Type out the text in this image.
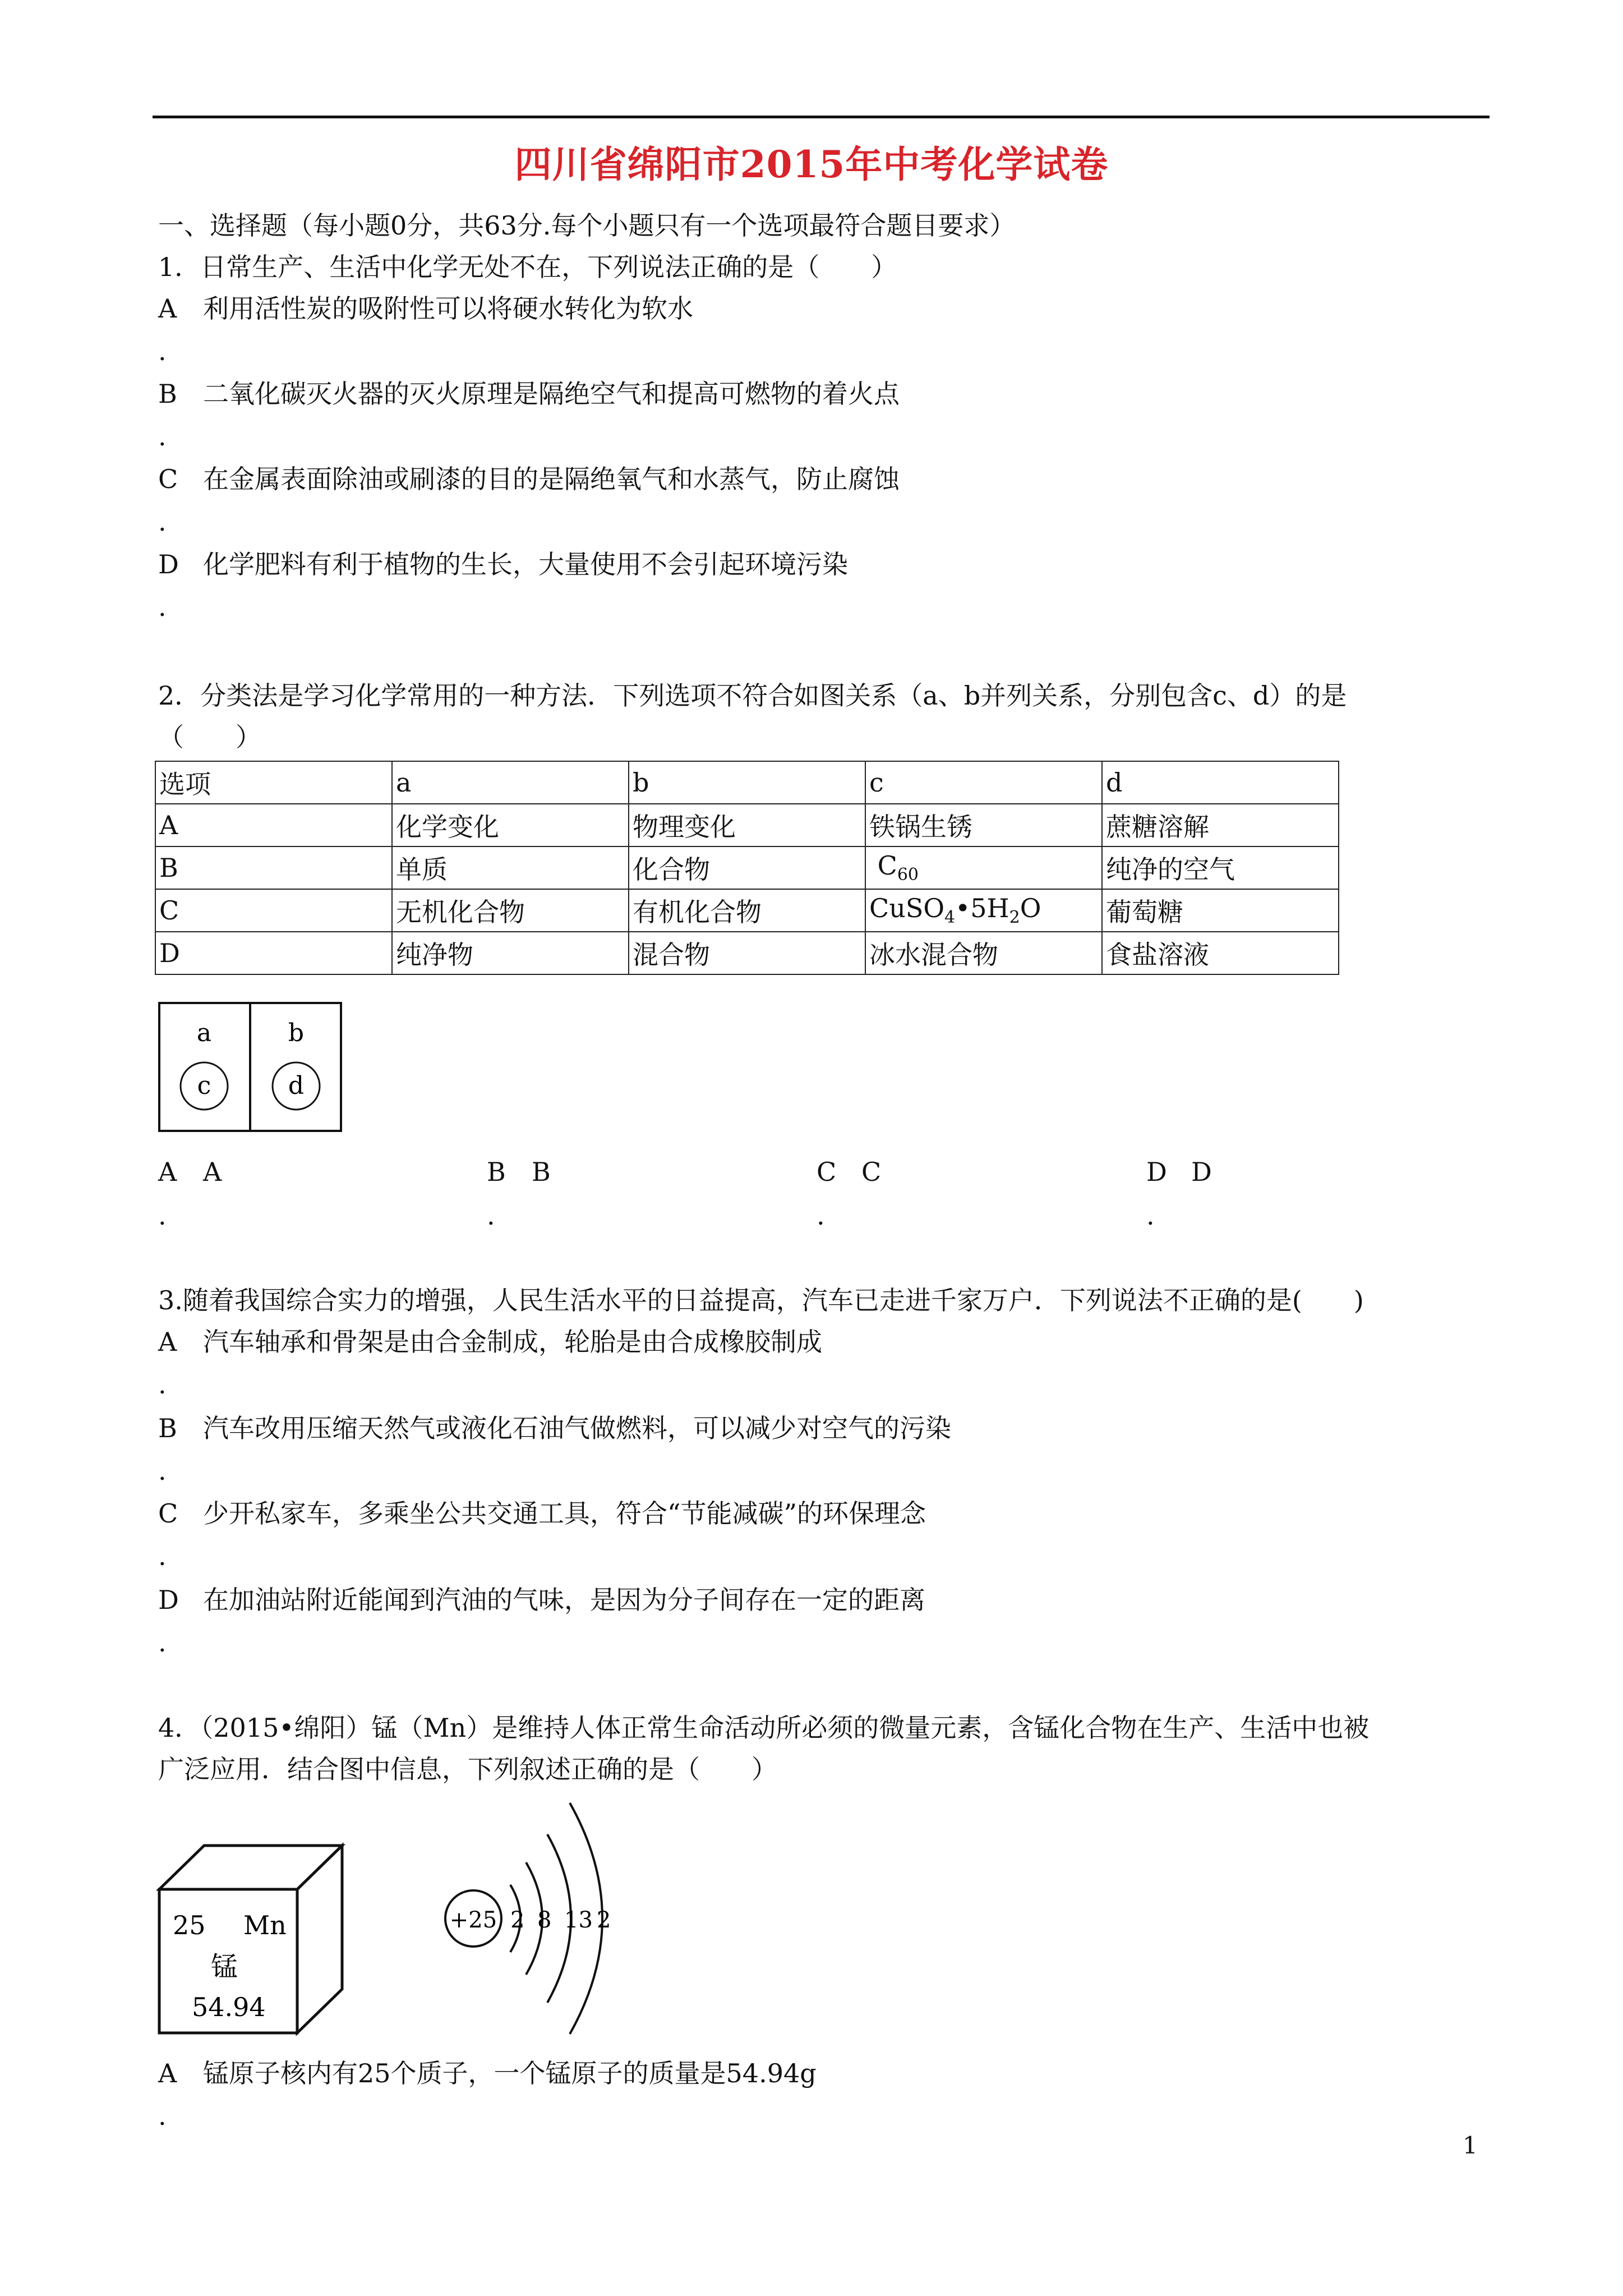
四川省绵阳市2015年中考化学试卷
一、选择题（每小题0分，共63分.每个小题只有一个选项最符合题目要求）
1．日常生产、生活中化学无处不在，下列说法正确的是（　　）
A 利用活性炭的吸附性可以将硬水转化为软水
.
B 二氧化碳灭火器的灭火原理是隔绝空气和提高可燃物的着火点
.
C 在金属表面除油或刷漆的目的是隔绝氧气和水蒸气，防止腐蚀
.
D 化学肥料有利于植物的生长，大量使用不会引起环境污染
.
2．分类法是学习化学常用的一种方法．下列选项不符合如图关系（a、b并列关系，分别包含c、d）的是
（　　）
选项	a	b	c	d
A	化学变化	物理变化	铁锅生锈	蔗糖溶解
B	单质	化合物	$C_{60}$	纯净的空气
C	无机化合物	有机化合物	$CuSO_4•5H_2O$	葡萄糖
D	纯净物	混合物	冰水混合物	食盐溶液
a	b
c	d
A A	B B	C C	D D
.	.	.	.
3.随着我国综合实力的增强，人民生活水平的日益提高，汽车已走进千家万户．下列说法不正确的是(　　)
A 汽车轴承和骨架是由合金制成，轮胎是由合成橡胶制成
.
B 汽车改用压缩天然气或液化石油气做燃料，可以减少对空气的污染
.
C 少开私家车，多乘坐公共交通工具，符合“节能减碳”的环保理念
.
D 在加油站附近能闻到汽油的气味，是因为分子间存在一定的距离
.
4．（2015•绵阳）锰（Mn）是维持人体正常生命活动所必须的微量元素，含锰化合物在生产、生活中也被
广泛应用．结合图中信息，下列叙述正确的是（　　）
25 Mn
锰
54.94
+25 2 8 13 2
A 锰原子核内有25个质子，一个锰原子的质量是54.94g
.
1
